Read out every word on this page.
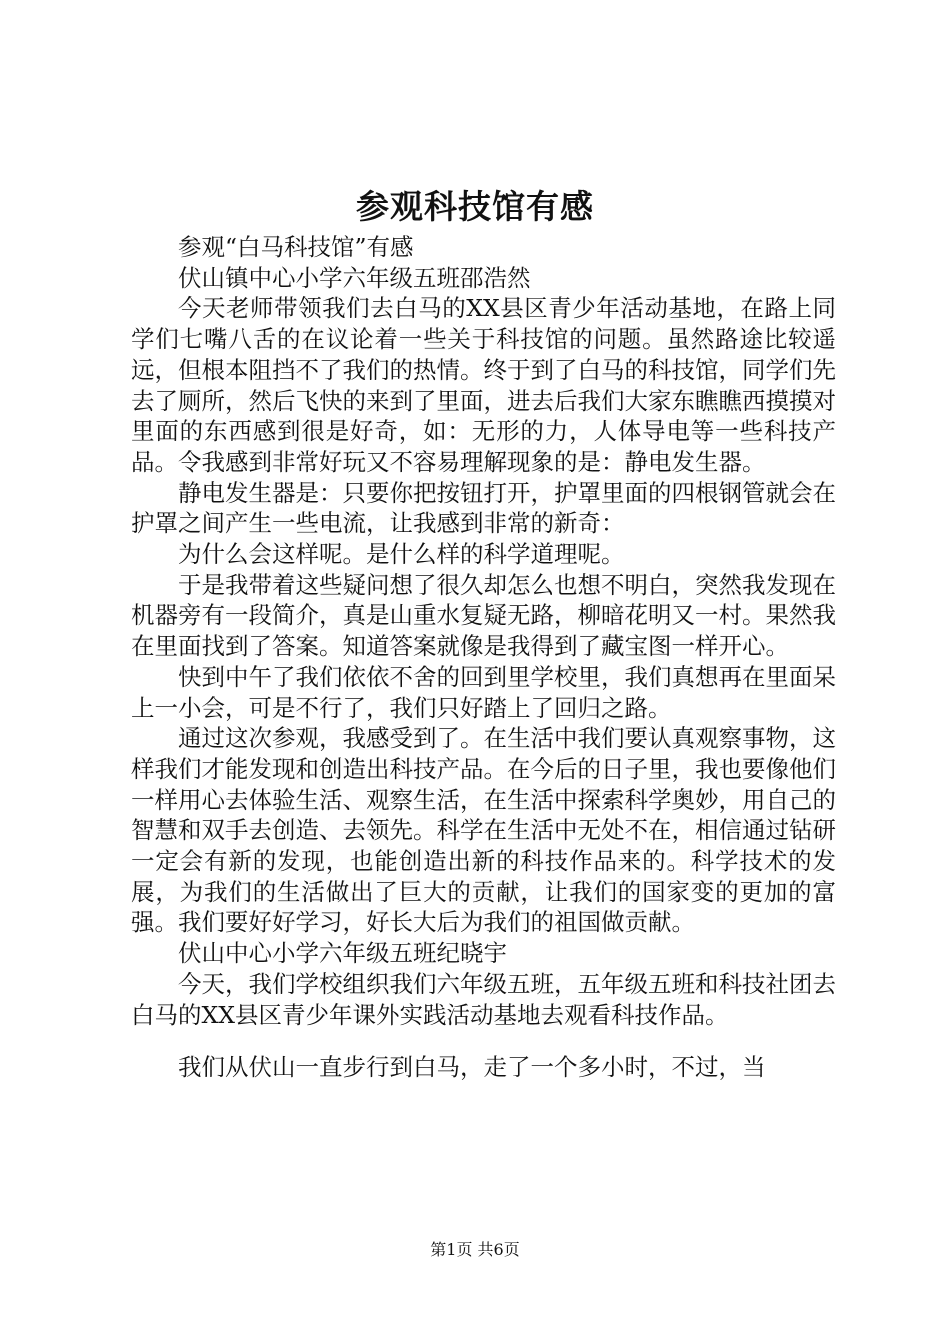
参观科技馆有感

参观“白马科技馆”有感

伏山镇中心小学六年级五班邵浩然

今天老师带领我们去白马的XX县区青少年活动基地，在路上同学们七嘴八舌的在议论着一些关于科技馆的问题。虽然路途比较遥远，但根本阻挡不了我们的热情。终于到了白马的科技馆，同学们先去了厕所，然后飞快的来到了里面，进去后我们大家东瞧瞧西摸摸对里面的东西感到很是好奇，如：无形的力，人体导电等一些科技产品。令我感到非常好玩又不容易理解现象的是：静电发生器。

静电发生器是：只要你把按钮打开，护罩里面的四根钢管就会在护罩之间产生一些电流，让我感到非常的新奇：

为什么会这样呢。是什么样的科学道理呢。

于是我带着这些疑问想了很久却怎么也想不明白，突然我发现在机器旁有一段简介，真是山重水复疑无路，柳暗花明又一村。果然我在里面找到了答案。知道答案就像是我得到了藏宝图一样开心。

快到中午了我们依依不舍的回到里学校里，我们真想再在里面呆上一小会，可是不行了，我们只好踏上了回归之路。

通过这次参观，我感受到了。在生活中我们要认真观察事物，这样我们才能发现和创造出科技产品。在今后的日子里，我也要像他们一样用心去体验生活、观察生活，在生活中探索科学奥妙，用自己的智慧和双手去创造、去领先。科学在生活中无处不在，相信通过钻研一定会有新的发现，也能创造出新的科技作品来的。科学技术的发展，为我们的生活做出了巨大的贡献，让我们的国家变的更加的富强。我们要好好学习，好长大后为我们的祖国做贡献。

伏山中心小学六年级五班纪晓宇

今天，我们学校组织我们六年级五班，五年级五班和科技社团去白马的XX县区青少年课外实践活动基地去观看科技作品。

我们从伏山一直步行到白马，走了一个多小时，不过，当

第1页 共6页
